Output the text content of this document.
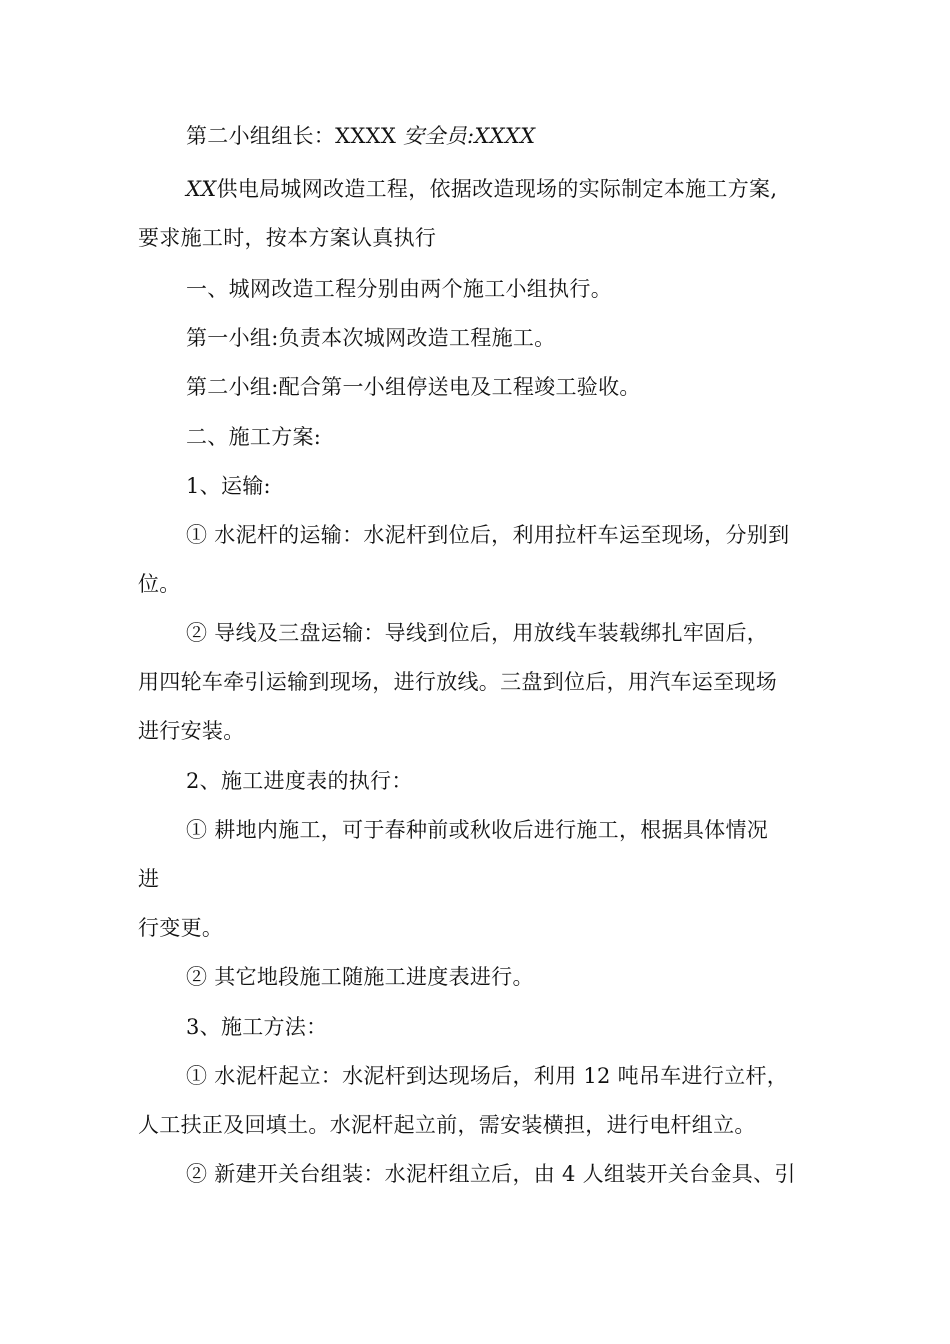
第二小组组长：XXXX 安全员:XXXX
XX供电局城网改造工程，依据改造现场的实际制定本施工方案,
要求施工时，按本方案认真执行
一、城网改造工程分别由两个施工小组执行。
第一小组:负责本次城网改造工程施工。
第二小组:配合第一小组停送电及工程竣工验收。
二、施工方案:
1、运输:
① 水泥杆的运输：水泥杆到位后，利用拉杆车运至现场，分别到
位。
② 导线及三盘运输：导线到位后，用放线车装载绑扎牢固后，
用四轮车牵引运输到现场，进行放线。三盘到位后，用汽车运至现场
进行安装。
2、施工进度表的执行：
① 耕地内施工，可于春种前或秋收后进行施工，根据具体情况
进
行变更。
② 其它地段施工随施工进度表进行。
3、施工方法：
① 水泥杆起立：水泥杆到达现场后，利用 12 吨吊车进行立杆，
人工扶正及回填土。水泥杆起立前，需安装横担，进行电杆组立。
② 新建开关台组装：水泥杆组立后，由 4 人组装开关台金具、引
